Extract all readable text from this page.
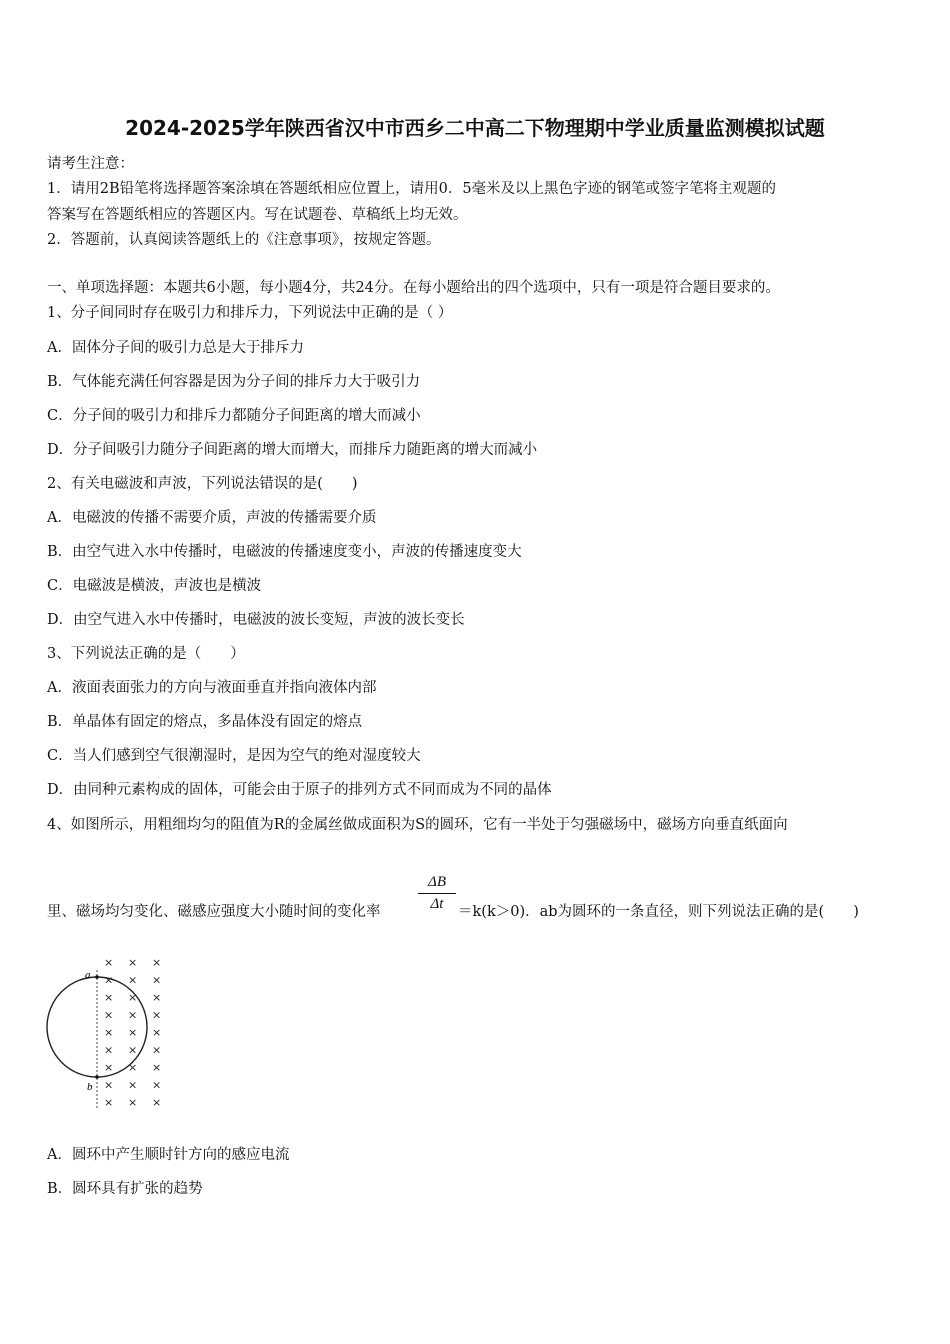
2024-2025学年陕西省汉中市西乡二中高二下物理期中学业质量监测模拟试题
请考生注意：
1．请用2B铅笔将选择题答案涂填在答题纸相应位置上，请用0．5毫米及以上黑色字迹的钢笔或签字笔将主观题的
答案写在答题纸相应的答题区内。写在试题卷、草稿纸上均无效。
2．答题前，认真阅读答题纸上的《注意事项》，按规定答题。
一、单项选择题：本题共6小题，每小题4分，共24分。在每小题给出的四个选项中，只有一项是符合题目要求的。
1、分子间同时存在吸引力和排斥力，下列说法中正确的是（ ）
A．固体分子间的吸引力总是大于排斥力
B．气体能充满任何容器是因为分子间的排斥力大于吸引力
C．分子间的吸引力和排斥力都随分子间距离的增大而减小
D．分子间吸引力随分子间距离的增大而增大，而排斥力随距离的增大而减小
2、有关电磁波和声波，下列说法错误的是(　　)
A．电磁波的传播不需要介质，声波的传播需要介质
B．由空气进入水中传播时，电磁波的传播速度变小，声波的传播速度变大
C．电磁波是横波，声波也是横波
D．由空气进入水中传播时，电磁波的波长变短，声波的波长变长
3、下列说法正确的是（　　）
A．液面表面张力的方向与液面垂直并指向液体内部
B．单晶体有固定的熔点，多晶体没有固定的熔点
C．当人们感到空气很潮湿时，是因为空气的绝对湿度较大
D．由同种元素构成的固体，可能会由于原子的排列方式不同而成为不同的晶体
4、如图所示，用粗细均匀的阻值为R的金属丝做成面积为S的圆环，它有一半处于匀强磁场中，磁场方向垂直纸面向
里、磁场均匀变化、磁感应强度大小随时间的变化率	$\frac{\Delta B}{\Delta t} =k(k>0)$．ab为圆环的一条直径，则下列说法正确的是(　　)
a
b
× × ×
× × ×
× × ×
× × ×
× × ×
× × ×
× × ×
× × ×
× × ×
A．圆环中产生顺时针方向的感应电流
B．圆环具有扩张的趋势
